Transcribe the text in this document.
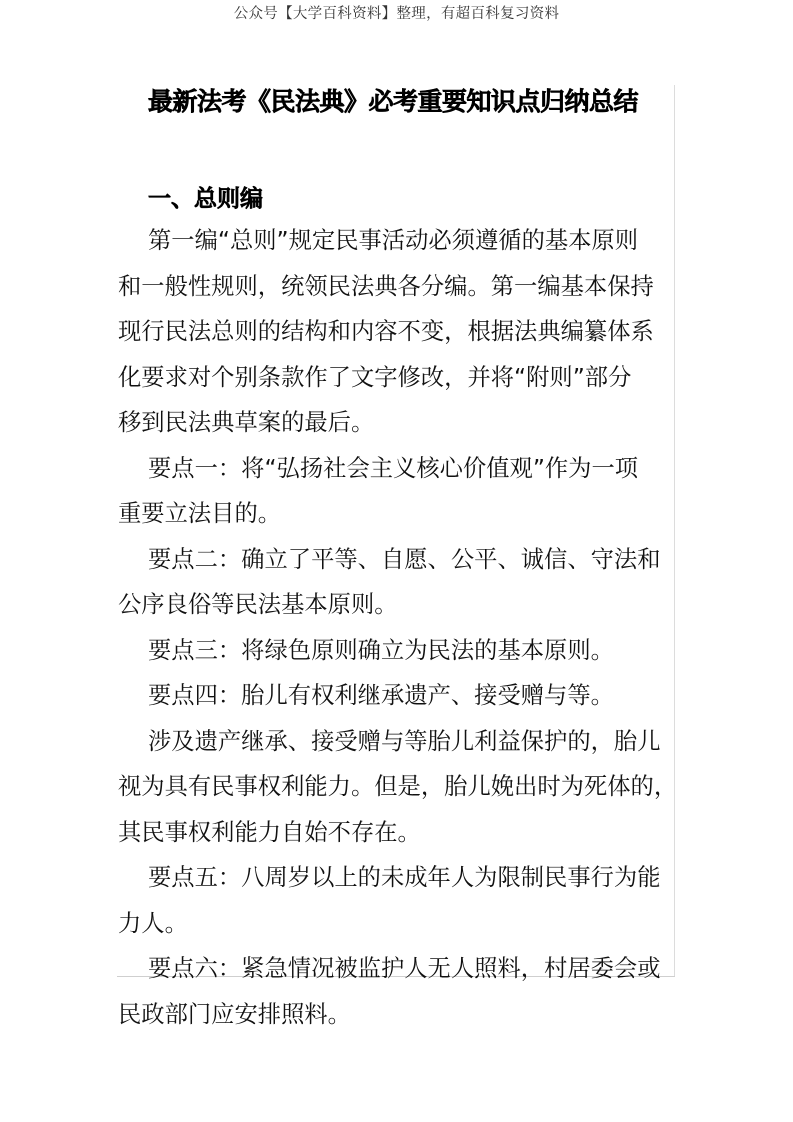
公众号【大学百科资料】整理，有超百科复习资料
最新法考《民法典》必考重要知识点归纳总结
一、总则编

第一编“总则”规定民事活动必须遵循的基本原则
和一般性规则，统领民法典各分编。第一编基本保持
现行民法总则的结构和内容不变，根据法典编纂体系
化要求对个别条款作了文字修改，并将“附则”部分
移到民法典草案的最后。

要点一：将“弘扬社会主义核心价值观”作为一项
重要立法目的。

要点二：确立了平等、自愿、公平、诚信、守法和
公序良俗等民法基本原则。

要点三：将绿色原则确立为民法的基本原则。

要点四：胎儿有权利继承遗产、接受赠与等。

涉及遗产继承、接受赠与等胎儿利益保护的，胎儿
视为具有民事权利能力。但是，胎儿娩出时为死体的，
其民事权利能力自始不存在。

要点五：八周岁以上的未成年人为限制民事行为能
力人。

要点六：紧急情况被监护人无人照料，村居委会或
民政部门应安排照料。
